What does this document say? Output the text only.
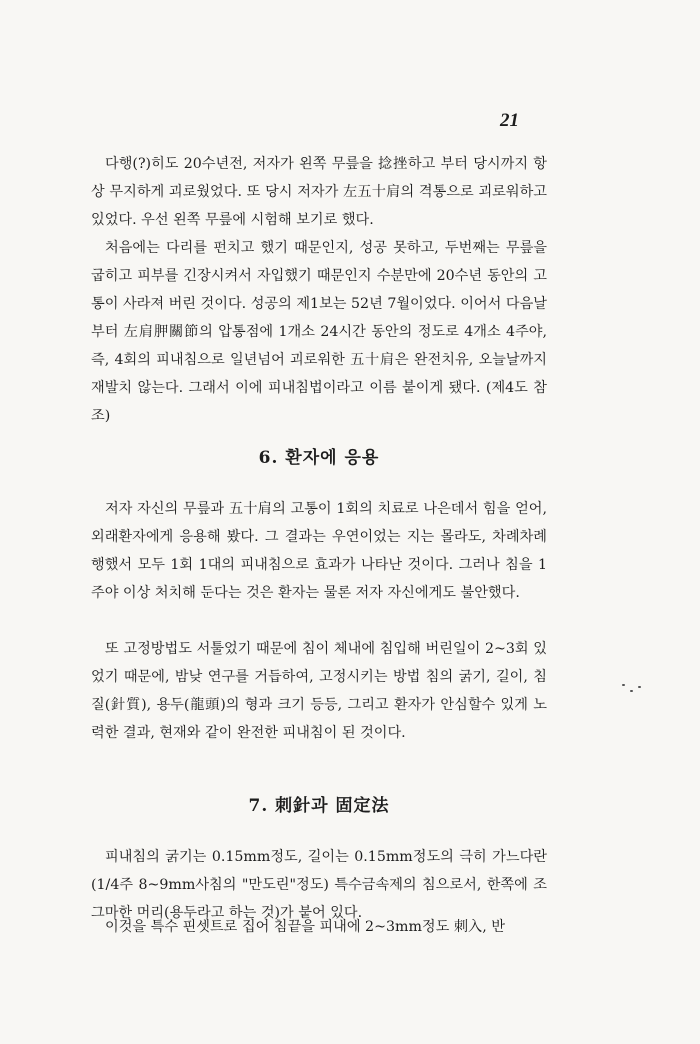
21

다행(?)히도 20수년전, 저자가 왼쪽 무릎을 捻挫하고 부터 당시까지 항상 무지하게 괴로웠었다. 또 당시 저자가 左五十肩의 격통으로 괴로워하고 있었다. 우선 왼쪽 무릎에 시험해 보기로 했다.

처음에는 다리를 펀치고 했기 때문인지, 성공 못하고, 두번째는 무릎을 굽히고 피부를 긴장시켜서 자입했기 때문인지 수분만에 20수년 동안의 고통이 사라져 버린 것이다. 성공의 제1보는 52년 7월이었다. 이어서 다음날부터 左肩胛關節의 압통점에 1개소 24시간 동안의 정도로 4개소 4주야, 즉, 4회의 피내침으로 일년넘어 괴로워한 五十肩은 완전치유, 오늘날까지 재발치 않는다. 그래서 이에 피내침법이라고 이름 붙이게 됐다. (제4도 참조)

6. 환자에 응용

저자 자신의 무릎과 五十肩의 고통이 1회의 치료로 나은데서 힘을 얻어, 외래환자에게 응용해 봤다. 그 결과는 우연이었는 지는 몰라도, 차례차례 행했서 모두 1회 1대의 피내침으로 효과가 나타난 것이다. 그러나 침을 1주야 이상 처치해 둔다는 것은 환자는 물론 저자 자신에게도 불안했다.

또 고정방법도 서툴었기 때문에 침이 체내에 침입해 버린일이 2~3회 있었기 때문에, 밤낮 연구를 거듭하여, 고정시키는 방법 침의 굵기, 길이, 침질(針質), 용두(龍頭)의 형과 크기 등등, 그리고 환자가 안심할수 있게 노력한 결과, 현재와 같이 완전한 피내침이 된 것이다.

7. 刺針과 固定法

피내침의 굵기는 0.15mm정도, 길이는 0.15mm정도의 극히 가느다란 (1/4주 8~9mm사침의 "만도린"정도) 특수금속제의 침으로서, 한쪽에 조그마한 머리(용두라고 하는 것)가 붙어 있다.

이것을 특수 핀셋트로 집어 침끝을 피내에 2~3mm정도 刺入, 반
